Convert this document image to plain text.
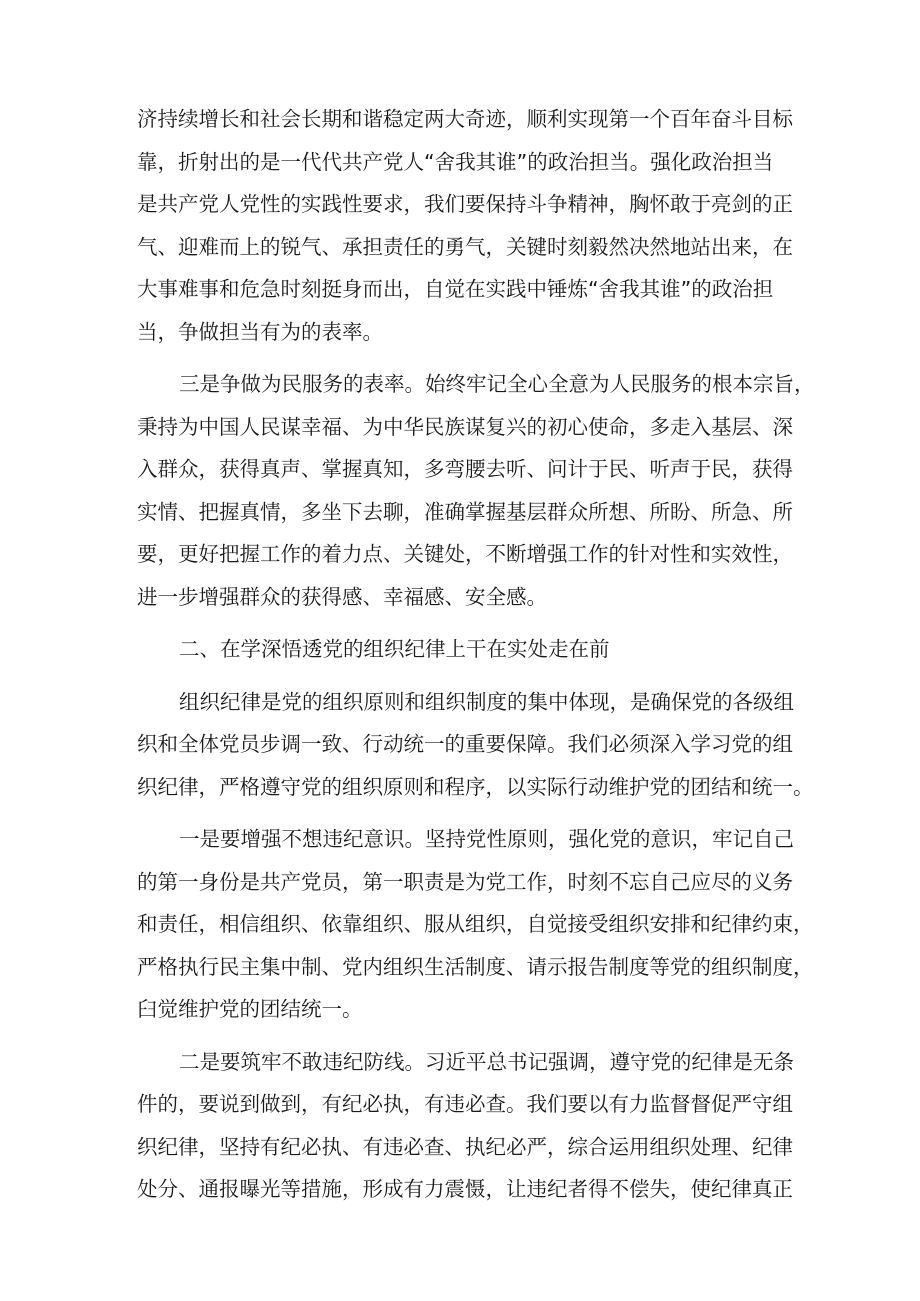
济持续增长和社会长期和谐稳定两大奇迹，顺利实现第一个百年奋斗目标
靠，折射出的是一代代共产党人“舍我其谁”的政治担当。强化政治担当
是共产党人党性的实践性要求，我们要保持斗争精神，胸怀敢于亮剑的正
气、迎难而上的锐气、承担责任的勇气，关键时刻毅然决然地站出来，在
大事难事和危急时刻挺身而出，自觉在实践中锤炼“舍我其谁”的政治担
当，争做担当有为的表率。
三是争做为民服务的表率。始终牢记全心全意为人民服务的根本宗旨，
秉持为中国人民谋幸福、为中华民族谋复兴的初心使命，多走入基层、深
入群众，获得真声、掌握真知，多弯腰去听、问计于民、听声于民，获得
实情、把握真情，多坐下去聊，准确掌握基层群众所想、所盼、所急、所
要，更好把握工作的着力点、关键处，不断增强工作的针对性和实效性，
进一步增强群众的获得感、幸福感、安全感。
二、在学深悟透党的组织纪律上干在实处走在前
组织纪律是党的组织原则和组织制度的集中体现，是确保党的各级组
织和全体党员步调一致、行动统一的重要保障。我们必须深入学习党的组
织纪律，严格遵守党的组织原则和程序，以实际行动维护党的团结和统一。
一是要增强不想违纪意识。坚持党性原则，强化党的意识，牢记自己
的第一身份是共产党员，第一职责是为党工作，时刻不忘自己应尽的义务
和责任，相信组织、依靠组织、服从组织，自觉接受组织安排和纪律约束，
严格执行民主集中制、党内组织生活制度、请示报告制度等党的组织制度，
臼觉维护党的团结统一。
二是要筑牢不敢违纪防线。习近平总书记强调，遵守党的纪律是无条
件的，要说到做到，有纪必执，有违必查。我们要以有力监督督促严守组
织纪律，坚持有纪必执、有违必查、执纪必严，综合运用组织处理、纪律
处分、通报曝光等措施，形成有力震慑，让违纪者得不偿失，使纪律真正
